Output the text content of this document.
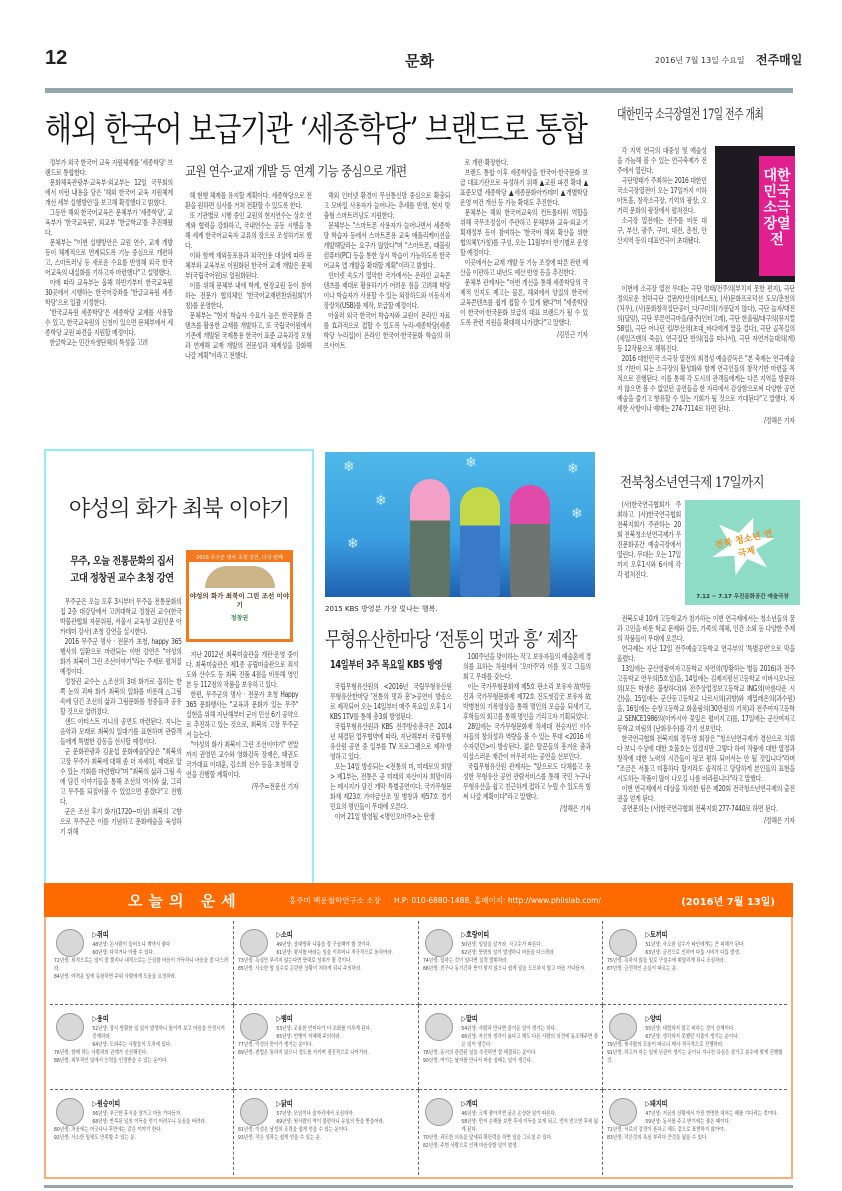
12	문화	2016년 7월 13일 수요일 전주매일
해외 한국어 보급기관 ‘세종학당’ 브랜드로 통합

정부가 외국 한국어 교육 지원체계를 '세종학당' 브랜드로 통합한다.

문화체육관광부·교육부·외교부는 12일 국무회의에서 이런 내용을 담은 '해외 한국어 교육 지원체계 개선 세부 실행방안'을 보고해 확정했다고 밝혔다.

그동안 해외 한국어교육은 문체부가 '세종학당', 교육부가 '한국교육원', 외교부 '한글학교'를 추진해왔다.

문체부는 "이번 실행방안은 교원 연수, 교재 개발 등이 체계적으로 연계되도록 기능 중심으로 개편하고, 스마트러닝 등 새로운 수요를 반영해 외국 한국어교육의 내실화를 기하고자 마련했다"고 설명했다.

이에 따라 교육부는 올해 하반기부터 한국교육원 30곳에서 시행하는 한국어강좌를 '한글교육원 세종학당'으로 일괄 지정한다.

'한국교육원 세종학당'은 세종학당 교재를 사용할 수 있고, 한국교육원의 신청이 있으면 문체부에서 세종학당 교원 파견을 지원할 예정이다.

한글학교는 민간자생단체의 특성을 고려

교원 연수·교재 개발 등 연계 기능 중심으로 개편

해 현행 체계를 유지할 계획이다. 세종학당으로 전환을 원하면 심사를 거쳐 전환할 수 있도록 한다.

또 기관별로 시행 중인 교원의 현지연수는 상호 연계와 협력을 강화하고, 국내연수는 공동 시행을 통해 세계 한국어교육자 교류의 장으로 조성하기로 했다.

이와 함께 재외동포용과 외국인용 대상에 따라 문체부와 교육부로 이원화된 한국어 교재 개발은 문체부(국립국어원)로 일원화된다.

이를 위해 문체부 내에 학계, 현장교원 등이 참여하는 전문가 협의체인 '한국어교재편찬위원회'(가칭)를 운영한다.

문체부는 "현지 학습자 수요가 높은 한국문화 콘텐츠를 활용한 교재를 개발하고, 또 국립국어원에서 기존에 개발된 국제통용 한국어 표준 교육과정 모형과 연계해 교재 개발의 전문성과 체계성을 강화해 나갈 계획"이라고 전했다.

해외 인터넷 환경이 무선통신망 중심으로 확충되고 모바일 사용자가 늘어나는 추세를 반영, 현지 맞춤형 스마트러닝도 지원한다.

문체부는 "스마트폰 사용자가 늘어나면서 세종학당 학습자 등에서 스마트폰용 교육 애플리케이션을 개발해달라는 요구가 많았다"며 "스마트폰, 태블릿컴퓨터(PC) 등을 통한 상시 학습이 가능하도록 한국어교육 앱 개발을 확대할 계획"이라고 밝혔다.

인터넷 속도가 열악한 국가에서는 온라인 교육콘텐츠를 제대로 활용하기가 어려운 점을 고려해 학당이나 학습자가 사용할 수 있는 외장하드와 이동식저장장치(USB)를 제작, 보급할 예정이다.

아울러 외국 한국어 학습자와 교원이 온라인 자료를 효과적으로 접할 수 있도록 누리-세종학당(세종학당 누리집)이 온라인 한국어·한국문화 학습의 허브사이트

로 개편·확장한다.

브랜드 통합 이후 세종학당을 한국어·한국문화 보급 대표기관으로 육성하기 위해 ▲교원 파견 확대 ▲표준모델 세종학당 ▲세종문화아카데미 ▲개별학당 운영 여건 개선 등 기능 확대도 추진한다.

문체부는 해외 한국어교육의 컨트롤타워 역할을 위해 국무조정실이 주관하고 문체부와 교육·외교·기획재정부 등이 참여하는 '한국어 해외 확산을 위한 협의체'(가칭)를 구성, 오는 11월부터 반기별로 운영할 예정이다.

이곳에서는 교재 개발 등 기능 조정에 따른 관련 예산을 이관하고 내년도 예산 반영 등을 추진한다.

문체부 관계자는 "이번 개선을 통해 세종학당의 국제적 인지도 제고는 물론, 해외에서 양질의 한국어 교육콘텐츠를 쉽게 접할 수 있게 됐다"며 "세종학당이 한국어·한국문화 보급의 대표 브랜드가 될 수 있도록 관련 지원을 확대해 나가겠다"고 말했다.

/김민근 기자
대한민국 소극장열전 17일 전주 개최

각 지역 연극의 대중성 및 예술성을 가늠해 볼 수 있는 연극축제가 전주에서 열린다.

극단명태가 주최하는 2016 대한민국소극장열전이 오는 17일까지 이하아트홀, 창작소극장, 기억의 광장, 오거리 문화의 광장에서 펼쳐진다.

소극장 열전에는 전주를 비롯 대구, 부산, 광주, 구미, 대전, 춘천, 안산지역 등의 대표연극이 초대됐다.

대한민국소극장열전

이번에 소극장 열전 무대는 극단 명태/전주의(부치지 못한 편지), 극단 정의로운 천하극단 걸판/안산의(레스트), (사)문화프로덕션 도모/춘천의(처우), (사)문화창작집단공터_다/구미의(가롱답지 않다), 극단 놀자/대전의(달맞), 극단 푸른연극마을/광주(인터고레), 극단 한울림/대구의(뮤지컬 58일), 극단 어나던 킹/부산의(초대_바다에게 말을 걸다), 극단 골목길의(세일즈맨의 죽음), 연극집단 반의(집을 떠나서), 극단 자연거늘대의(개) 등 12작품으로 채워진다.

2016 대한민국 소극장 열전의 최경성 예술감독은 "본 축제는 연극예술의 기반이 되는 소극장의 활성화와 함께 연극인들의 창작기반 마련을 목적으로 진행된다. 이를 통해 각 도시의 관객들에게는 다른 지역을 방문하지 않으면 볼 수 없었던 공연들을 한 자리에서 감상함으로써 다양한 공연예술을 즐기고 향유할 수 있는 기회가 될 것으로 기대된다"고 말했다. 자세한 사항이나 예매는 274-7114로 하면 된다.

/정해은 기자
야성의 화가 최북 이야기
무주, 오늘 전통문화의 집서
고대 정창권 교수 초청 강연

무주군은 오늘 오후 3시부터 무주읍 전통문화의 집 2층 대강당에서 고려대학교 정창권 교수(한국박물관협회 자문위원, 서울시 교육청 교원인문 아카데미 강사) 초청 강연을 실시한다.

2016 무주군 명사 · 전문가 초청, happy 365행사의 일환으로 마련되는 이번 강연은 "야성의 화가 최북이 그린 조선이야기"라는 주제로 펼쳐질 예정이다.

정창권 교수는 △조선의 3대 화가로 꼽히는 한 쪽 눈의 괴짜 화가 최북의 일화를 비롯해 △그림 속에 담긴 조선의 삶과 그림문화를 청중들과 공유할 것으로 알려졌다.

샌드 아티스트 지니의 공연도 마련된다. 지니는 음악과 모래로 최북의 일대기를 표현하며 관람객들에게 특별한 감동을 선사할 예정이다.

군 문화관광과 김윤섭 문화예술담당은 "최북의 고장 무주가 최북에 대해 좀 더 자세히, 제대로 알 수 있는 기회를 마련했다"며 "최북의 삶과 그림 속에 담긴 이야기들을 통해 조선의 역사와 삶, 그리고 무주를 되짚어볼 수 있었으면 좋겠다"고 전했다.

군은 조선 후기 화가(1720~미상) 최북의 고향으로 무주군은 이를 기념하고 문화예술을 육성하기 위해

2016 무주군 명사 초청 강연, 다섯 번째
야성의 화가 최북이 그린 조선 이야기
정창권

지난 2012년 최북미술관을 개관·운영 중이다. 최북미술관은 제1종 공립미술관으로 죄석도와 산수도 등 최북 진품 4점을 비롯해 영인본 등 112점의 작품을 보유하고 있다.

한편, 무주군의 명사 · 전문가 초청 Happy 365 문화행사는 "교육과 문화가 있는 무주" 실현을 위해 지난해부터 군이 민선 6기 공약으로 추진하고 있는 것으로, 최북의 고장 무주군서 늘는다.

"야성의 화가 최북이 그린 조선이야기" 연말까지 권영민 교수와 영화감독 장재은, 태권도 국가대표 이대훈, 김소희 선수 등을 초청해 강연을 진행할 계획이다.

/무주=전문선 기자
❄
❄
❄
❄
❄
❄
2015 KBS 방영분 가장 빛나는 행복.
무형유산한마당 ‘전통의 멋과 흥’ 제작
14일부터 3주 목요일 KBS 방영

국립무형유산원의 <2016년 국립무형유산원 무형유산한마당 '전통의 멋과 흥'>공연이 방송으로 제작되어 오는 14일부터 매주 목요일 오후 1시 KBS 1TV를 통해 총3회 방영된다.

국립무형유산원과 KBS 전주방송총국은 2014년 체결된 업무협약에 따라, 지난해부터 국립무형유산원 공연 중 일부를 TV 프로그램으로 제작·방영하고 있다.

오는 14일 방송되는 <전통의 미, 미래로의 희망> 제1부는, 전통은 곧 미래의 자산이자 희망이라는 메시지가 담긴 개막 특별공연이다. 국가무형문화재 제23호 가야금산조 및 병창과 제57호 경기민요의 명인들이 무대에 오른다.

이어 21일 방영될 <명인오마주>는 탄생

100주년을 맞이하는 작고 보유자들의 예술혼에 경의를 표하는 차원에서 '오마주'라 이름 짓고 그들의 회고 무대를 갖는다.

이는 국가무형문화재 제5호 판소리 보유자 故박동진과 국가무형문화재 제72호 진도씻김굿 보유자 故박병천의 기록영상을 통해 명인의 모습을 되새기고, 후학들의 회고를 통해 명인을 기리고자 기획되었다.

28일에는 국가무형문화재 차세대 전승자인 이수자들의 창의성과 역량을 볼 수 있는 무대 <2016 이수자뎐뎐>이 방송된다. 젊은 탈꾼들의 흥겨운 춤과 익살스러운 재간이 어우러지는 공연을 선보인다.

국립무형유산원 관계자는 "앞으로도 다채롭고 풍성한 무형유산 공연 관람서비스를 통해 국민 누구나 무형유산을 쉽고 친근하게 접하고 누릴 수 있도록 힘써 나갈 계획이다"라고 말했다.

/정해은 기자
전북청소년연극제 17일까지

(사)한국연극협회가 주최하고 (사)한국연극협회 전북지회가 주관하는 20회 전북청소년연극제가 우진문화공간 예술극장에서 열린다. 무대는 오는 17일까지 오후1시와 6시에 각각 펼쳐진다.

전북 청소년 연극제
7.12 ~ 7.17 우진문화공간 예술극장

전북도내 10개 고등학교가 참가하는 이번 연극제에서는 청소년들의 꿈과 고민을 비롯 학교 문제와 갈등, 가족의 해체, 인간 소외 등 다양한 주제의 작품들이 무대에 오른다.

연극제는 지난 12일 전주예술고등학교 연극부의 '특별공연'으로 막을 올렸다.

13일에는 군산영광여자고등학교 자연의(방황하는 별들 2016)과 전주고등학교 연우의(5호실)을, 14일에는 김제지평선고등학교 이바시오나로의(모든 학생은 불쌍하다)와 전주상업정보고등학교 ING의(아름다운 시간)을, 15일에는 군산동고등학교 나르시의(귀향)와 재밀레온의(과수원)을, 16일에는 순창고등학교 화울림의(30만원의 기적)과 전주여자고등학교 SENCE1986의(아카시아 꽃잎은 펼어지고)를, 17일에는 군산여자고등학교 미림의 (난화유수)를 각기 선보인다.

한국연극협회 전북지회 정두영 회장은 "청소년연극제가 경선으로 치뤄다 보니 수상에 대한 호불호는 있겠지만 그렇다 하여 작품에 대한 열정과 창작에 대한 노력의 시간들이 평코 폄하 되어서는 안 될 것입니다"라며 "조금은 서툴고 미흡하다 할지라도 솔직하고 당당하게 본인들의 표현을 시도하는 작품이 많이 나오길 나름 바라봅니다"라고 말했다.

이번 연극제에서 대상을 차지한 팀은 제20회 전국청소년연극제의 출전권을 얻게 된다.

공연문의는 (사)한국연극협회 전북지회 277-7440로 하면 된다.

/정해은 기자
오늘의 운세	홍주미 백운철학연구소 소장 H.P: 010-6880-1488, 홈페이지: http://www.philslab.com/	(2016년 7월 13일)
▷ 쥐띠
48년생: 돈사람이 들어오니 계약시 좋다
60년생: 다치거나 아플 수 있다.
72년생: 외적으로는 일이 잘 풀리나 내적으로는 근심할 마음이 가득하니 마음을 잘 다스려라.
84년생: 어려운 일에 동참하면 주위 사람에게 도움을 요청하라.
▷ 소띠
49년생: 상대방과 나름을 잘 구슬해야 할 것이다.
61년생: 평지를 바라는 일을 이루어니 적극적으로 움직여라.
73년생: 욕심만 부리지 않는다면 뜻대로 성취가 될 것이다.
85년생: 사소한 말 실수로 곤란한 상황이 처하게 되니 주의하라.
▷ 호랑이띠
50년생: 일일을 살거라. 사고수가 따른다.
62년생: 뜻밖의 일이 발생하니 마음을 다스려라.
74년생: 일하는 것이 있다면 실력 발휘하라.
86년생: 친구나 동기간과 뜻이 맞지 않으니 쉽게 일을 도모하지 말고 마음 가다듬자.
▷ 토끼띠
51년생: 사소한 실수가 타인에게는 큰 피해가 된다.
63년생: 금전으로 인하여 다툼 시비가 다툼 발생.
75년생: 욕하지 않을 일로 구설수에 휘말리게 되니 조심하라.
87년생: 금전적인 손실이 따르는 운.
▷ 용띠
52년생: 잠시 방황한 일 있이 발생하니 돌이켜 보고 마음을 안정시켜 중재하라.
64년생: 도와주는 사람들이 도처에 있다.
76년생: 함께 하는 사람과의 관계가 신선해진다.
88년생: 외부적인 일에서 능력을 인정받을 수 있는 운이다.
▷ 뱀띠
53년생: 조용한 언어다가 더 조화를 이루게 된다.
65년생: 언행이 지혜해 주의하라.
77년생: 이성의 뜻이가 생기는 운이다.
89년생: 편법은 통하지 않으니 정도를 지키며 점진적으로 나아가라.
▷ 말띠
54년생: 사람과 만나면 즐거운 일이 생기는 하다.
66년생: 자신의 생각이 옳다고 해도 다른 사람의 의견에 동조해주면 좋은 일이 생긴다.
78년생: 동시의 관련된 일을 추진하면 잘 해결되는 운이다.
90년생: 여기는 날자를 만나서 마음 설레는 일이 생긴다.
▷ 양띠
55년생: 대립하지 말고 피하는 것이 상책이다.
67년생: 생각하지 못했던 지출이 생기는 운이다.
79년생: 윗사람의 도움이 따르니 매사 적극적으로 진행하라.
91년생: 하고자 하는 일에 난관이 생기는 운이니 지나친 욕심은 삼가고 분수에 맞게 진행할 것.
▷ 원숭이띠
56년생: 푸근한 휴식을 삼가고 마음 가다듬자.
68년생: 반목된 일의 이득을 얻기 어려우니 욕심을 버려라.
80년생: 처음에는 어긋나나 후반에는 같은 이야기 한다.
92년생: 사소한 일에도 만족할 수 있는 운.
▷ 닭띠
57년생: 모임이나 술자리에서 조심하자.
69년생: 윗사람의 역이 불편하니 유일의 뜻을 받들어라.
81년생: 이성은 남성의 조력을 쉽게 얻을 수 있는 운이다.
93년생: 작은 성과는 쉽게 얻을 수 있는 운.
▷ 개띠
46년생: 크게 좋아지면 굴은 손상한 일이 따른다.
58년생: 먼저 손해를 보면 후에 이득을 보게 되고, 먼저 얻으면 후에 잃게 된다.
70년생: 과도한 의욕을 앞세워 확단력을 하면 일을 그르칠 수 있다.
82년생: 주변 사람으로 인해 마음상할 일이 발생.
▷ 돼지띠
47년생: 지금의 상황에서 가장 현명한 대처는 때를 기다리는 것이다.
59년생: 동서를 주고 받기에는 좋은 때이다.
71년생: 서로의 감정이 폰다고 해도 겉으로 표현하지 않아야.
83년생: 작은것의 욕심 부리다 큰것을 잃을 수 있다.
